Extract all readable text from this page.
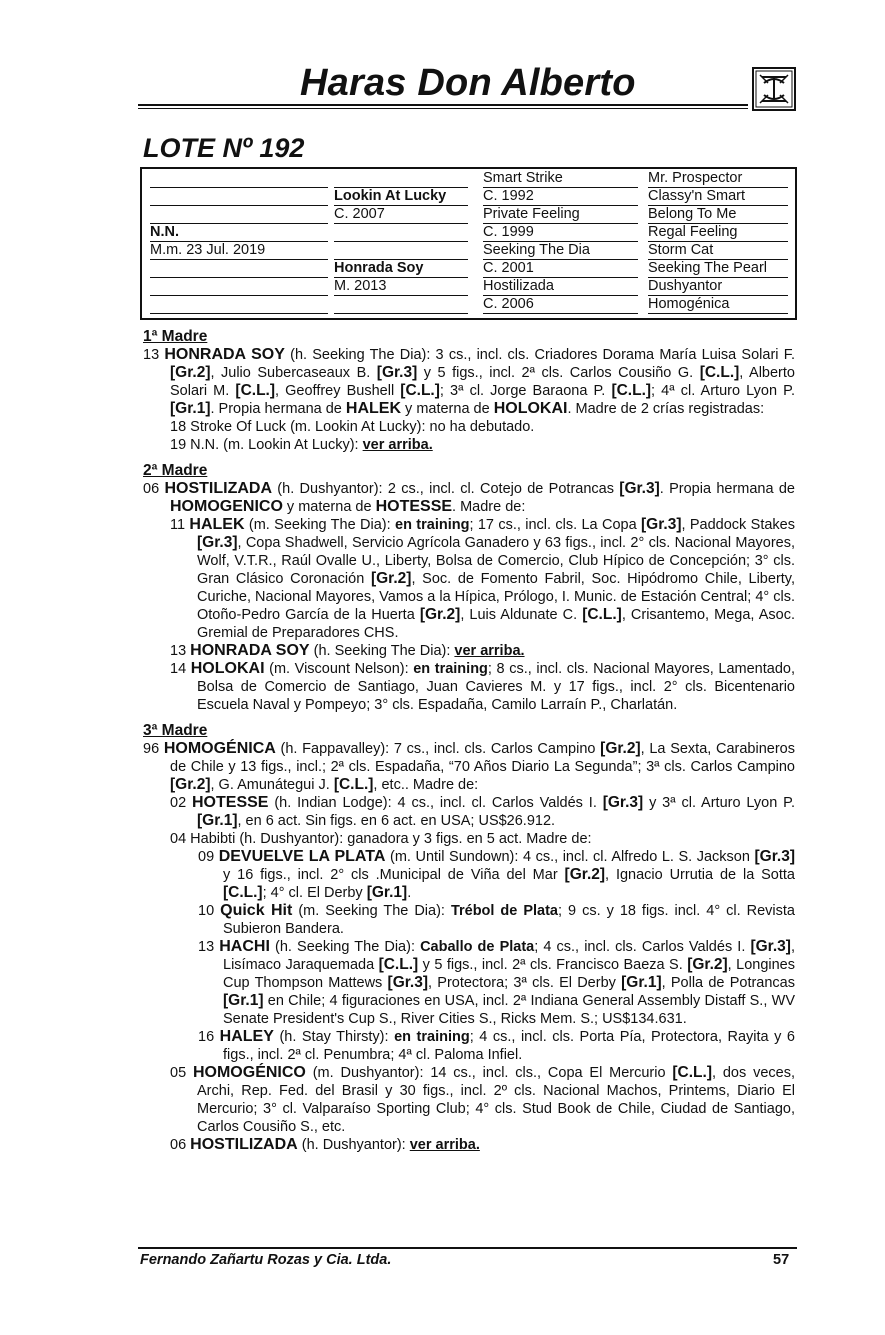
Haras Don Alberto
LOTE Nº 192
N.N.
M.m. 23 Jul. 2019
Lookin At Lucky
C. 2007
Honrada Soy
M. 2013
Smart Strike
C. 1992
Private Feeling
C. 1999
Seeking The Dia
C. 2001
Hostilizada
C. 2006
Mr. Prospector
Classy'n Smart
Belong To Me
Regal Feeling
Storm Cat
Seeking The Pearl
Dushyantor
Homogénica
1ª Madre
13 HONRADA SOY (h. Seeking The Dia): 3 cs., incl. cls. Criadores Dorama María Luisa Solari F. [Gr.2], Julio Subercaseaux B. [Gr.3] y 5 figs., incl. 2ª cls. Carlos Cousiño G. [C.L.], Alberto Solari M. [C.L.], Geoffrey Bushell [C.L.]; 3ª cl. Jorge Baraona P. [C.L.]; 4ª cl. Arturo Lyon P. [Gr.1]. Propia hermana de HALEK y materna de HOLOKAI. Madre de 2 crías registradas:
18 Stroke Of Luck (m. Lookin At Lucky): no ha debutado.
19 N.N. (m. Lookin At Lucky): ver arriba.
2ª Madre
06 HOSTILIZADA (h. Dushyantor): 2 cs., incl. cl. Cotejo de Potrancas [Gr.3]. Propia hermana de HOMOGENICO y materna de HOTESSE. Madre de:
11 HALEK (m. Seeking The Dia): en training; 17 cs., incl. cls. La Copa [Gr.3], Paddock Stakes [Gr.3], Copa Shadwell, Servicio Agrícola Ganadero y 63 figs., incl. 2° cls. Nacional Mayores, Wolf, V.T.R., Raúl Ovalle U., Liberty, Bolsa de Comercio, Club Hípico de Concepción; 3° cls. Gran Clásico Coronación [Gr.2], Soc. de Fomento Fabril, Soc. Hipódromo Chile, Liberty, Curiche, Nacional Mayores, Vamos a la Hípica, Prólogo, I. Munic. de Estación Central; 4° cls. Otoño-Pedro García de la Huerta [Gr.2], Luis Aldunate C. [C.L.], Crisantemo, Mega, Asoc. Gremial de Preparadores CHS.
13 HONRADA SOY (h. Seeking The Dia): ver arriba.
14 HOLOKAI (m. Viscount Nelson): en training; 8 cs., incl. cls. Nacional Mayores, Lamentado, Bolsa de Comercio de Santiago, Juan Cavieres M. y 17 figs., incl. 2° cls. Bicentenario Escuela Naval y Pompeyo; 3° cls. Espadaña, Camilo Larraín P., Charlatán.
3ª Madre
96 HOMOGÉNICA (h. Fappavalley): 7 cs., incl. cls. Carlos Campino [Gr.2], La Sexta, Carabineros de Chile y 13 figs., incl.; 2ª cls. Espadaña, “70 Años Diario La Segunda”; 3ª cls. Carlos Campino [Gr.2], G. Amunátegui J. [C.L.], etc.. Madre de:
02 HOTESSE (h. Indian Lodge): 4 cs., incl. cl. Carlos Valdés I. [Gr.3] y 3ª cl. Arturo Lyon P. [Gr.1], en 6 act. Sin figs. en 6 act. en USA; US$26.912.
04 Habibti (h. Dushyantor): ganadora y 3 figs. en 5 act. Madre de:
09 DEVUELVE LA PLATA (m. Until Sundown): 4 cs., incl. cl. Alfredo L. S. Jackson [Gr.3] y 16 figs., incl. 2° cls .Municipal de Viña del Mar [Gr.2], Ignacio Urrutia de la Sotta [C.L.]; 4° cl. El Derby [Gr.1].
10 Quick Hit (m. Seeking The Dia): Trébol de Plata; 9 cs. y 18 figs. incl. 4° cl. Revista Subieron Bandera.
13 HACHI (h. Seeking The Dia): Caballo de Plata; 4 cs., incl. cls. Carlos Valdés I. [Gr.3], Lisímaco Jaraquemada [C.L.] y 5 figs., incl. 2ª cls. Francisco Baeza S. [Gr.2], Longines Cup Thompson Mattews [Gr.3], Protectora; 3ª cls. El Derby [Gr.1], Polla de Potrancas [Gr.1] en Chile; 4 figuraciones en USA, incl. 2ª Indiana General Assembly Distaff S., WV Senate President's Cup S., River Cities S., Ricks Mem. S.; US$134.631.
16 HALEY (h. Stay Thirsty): en training; 4 cs., incl. cls. Porta Pía, Protectora, Rayita y 6 figs., incl. 2ª cl. Penumbra; 4ª cl. Paloma Infiel.
05 HOMOGÉNICO (m. Dushyantor): 14 cs., incl. cls., Copa El Mercurio [C.L.], dos veces, Archi, Rep. Fed. del Brasil y 30 figs., incl. 2º cls. Nacional Machos, Printems, Diario El Mercurio; 3° cl. Valparaíso Sporting Club; 4° cls. Stud Book de Chile, Ciudad de Santiago, Carlos Cousiño S., etc.
06 HOSTILIZADA (h. Dushyantor): ver arriba.
Fernando Zañartu Rozas y Cia. Ltda.	57
